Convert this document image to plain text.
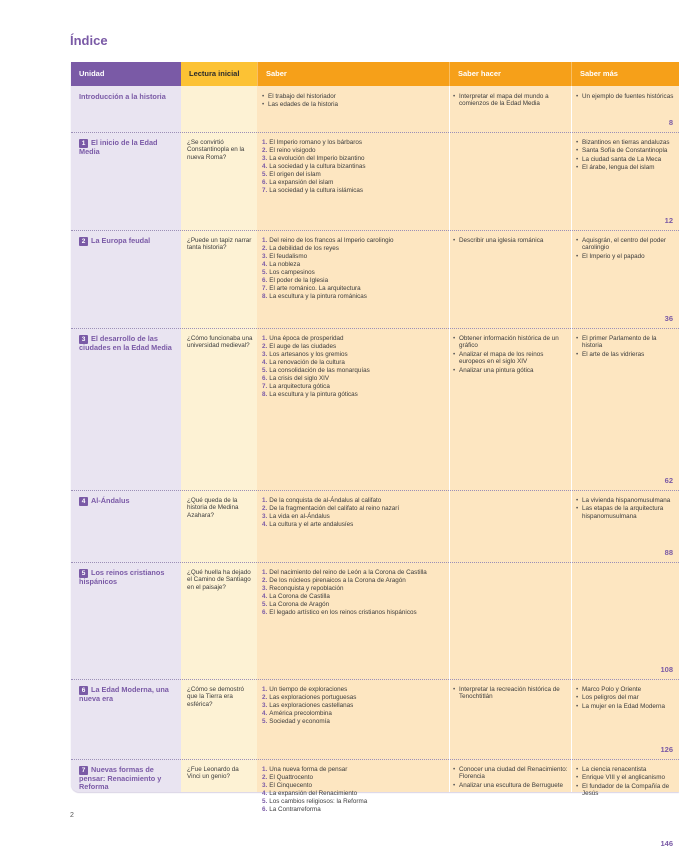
Índice
Unidad	Lectura inicial	Saber	Saber hacer	Saber más
Introducción a la historia
8
• El trabajo del historiador
• Las edades de la historia
• Interpretar el mapa del mundo a comienzos de la Edad Media
• Un ejemplo de fuentes históricas
1 El inicio de la Edad Media
12
¿Se convirtió Constantinopla en la nueva Roma?
1. El Imperio romano y los bárbaros
2. El reino visigodo
3. La evolución del Imperio bizantino
4. La sociedad y la cultura bizantinas
5. El origen del islam
6. La expansión del islam
7. La sociedad y la cultura islámicas
• Bizantinos en tierras andaluzas
• Santa Sofía de Constantinopla
• La ciudad santa de La Meca
• El árabe, lengua del islam
2 La Europa feudal
36
¿Puede un tapiz narrar tanta historia?
1. Del reino de los francos al Imperio carolingio
2. La debilidad de los reyes
3. El feudalismo
4. La nobleza
5. Los campesinos
6. El poder de la Iglesia
7. El arte románico. La arquitectura
8. La escultura y la pintura románicas
• Describir una iglesia románica
•	Aquisgrán, el centro del poder carolingio
• El Imperio y el papado
3 El desarrollo de las ciudades en la Edad Media
62
¿Cómo funcionaba una universidad medieval?
1. Una época de prosperidad
2. El auge de las ciudades
3. Los artesanos y los gremios
4. La renovación de la cultura
5. La consolidación de las monarquías
6. La crisis del siglo XIV
7. La arquitectura gótica
8. La escultura y la pintura góticas
• Obtener información histórica de un gráfico
• Analizar el mapa de los reinos europeos en el siglo XIV
• Analizar una pintura gótica
• El primer Parlamento de la historia
• El arte de las vidrieras
4 Al-Ándalus
88
¿Qué queda de la historia de Medina Azahara?
1. De la conquista de al-Ándalus al califato
2. De la fragmentación del califato al reino nazarí
3. La vida en al-Ándalus
4. La cultura y el arte andalusíes
• La vivienda hispanomusulmana
• Las etapas de la arquitectura hispanomusulmana
5 Los reinos cristianos hispánicos
108
¿Qué huella ha dejado el Camino de Santiago en el paisaje?
1. Del nacimiento del reino de León a la Corona de Castilla
2. De los núcleos pirenaicos a la Corona de Aragón
3. Reconquista y repoblación
4. La Corona de Castilla
5. La Corona de Aragón
6. El legado artístico en los reinos cristianos hispánicos
6 La Edad Moderna, una nueva era
126
¿Cómo se demostró que la Tierra era esférica?
1. Un tiempo de exploraciones
2. Las exploraciones portuguesas
3. Las exploraciones castellanas
4. América precolombina
5. Sociedad y economía
• Interpretar la recreación histórica de Tenochtitlán
• Marco Polo y Oriente
• Los peligros del mar
• La mujer en la Edad Moderna
7 Nuevas formas de pensar: Renacimiento y Reforma
146
¿Fue Leonardo da Vinci un genio?
1. Una nueva forma de pensar
2. El Quattrocento
3. El Cinquecento
4. La expansión del Renacimiento
5. Los cambios religiosos: la Reforma
6. La Contrarreforma
• Conocer una ciudad del Renacimiento: Florencia
• Analizar una escultura de Berruguete
• La ciencia renacentista
• Enrique VIII y el anglicanismo
• El fundador de la Compañía de Jesús
2
